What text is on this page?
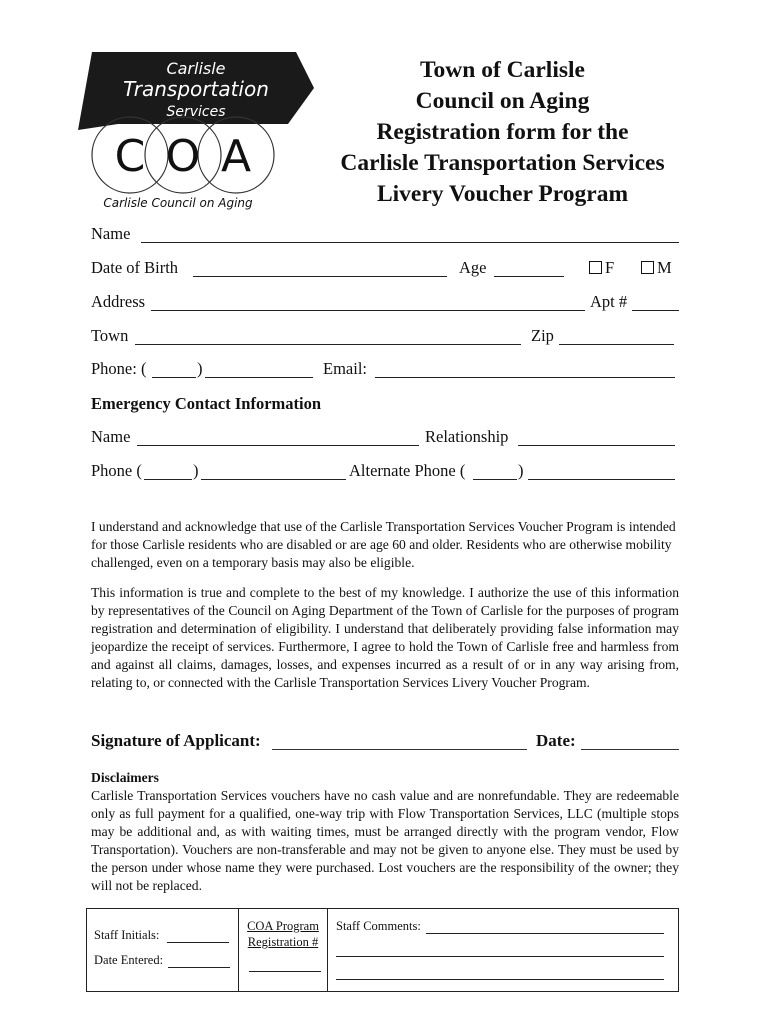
Carlisle
Transportation
Services
C O A
Carlisle Council on Aging
Town of Carlisle
Council on Aging
Registration form for the
Carlisle Transportation Services
Livery Voucher Program
Name
Date of Birth	Age	F	M
Address	Apt #
Town	Zip
Phone: (	)	Email:
Emergency Contact Information
Name	Relationship
Phone (	)	Alternate Phone (	)
I understand and acknowledge that use of the Carlisle Transportation Services Voucher Program is intended for those Carlisle residents who are disabled or are age 60 and older. Residents who are otherwise mobility challenged, even on a temporary basis may also be eligible.
This information is true and complete to the best of my knowledge. I authorize the use of this information by representatives of the Council on Aging Department of the Town of Carlisle for the purposes of program registration and determination of eligibility. I understand that deliberately providing false information may jeopardize the receipt of services. Furthermore, I agree to hold the Town of Carlisle free and harmless from and against all claims, damages, losses, and expenses incurred as a result of or in any way arising from, relating to, or connected with the Carlisle Transportation Services Livery Voucher Program.
Signature of Applicant:	Date:
Disclaimers
Carlisle Transportation Services vouchers have no cash value and are nonrefundable. They are redeemable only as full payment for a qualified, one-way trip with Flow Transportation Services, LLC (multiple stops may be additional and, as with waiting times, must be arranged directly with the program vendor, Flow Transportation). Vouchers are non-transferable and may not be given to anyone else. They must be used by the person under whose name they were purchased. Lost vouchers are the responsibility of the owner; they will not be replaced.
Staff Initials:
Date Entered:

COA Program
Registration #

Staff Comments:
